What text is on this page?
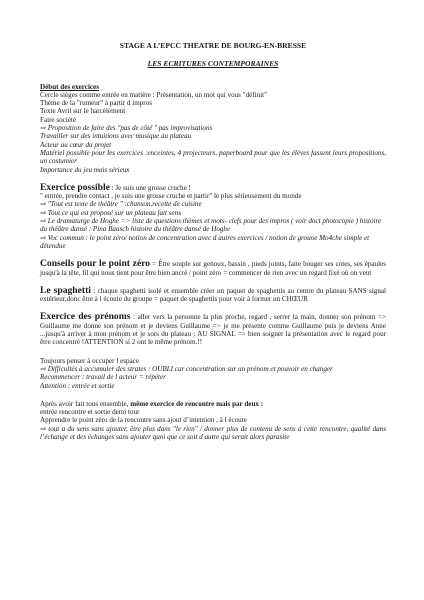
STAGE A L’EPCC THEATRE DE BOURG-EN-BRESSE

LES ECRITURES CONTEMPORAINES

Début des exercices

Cercle sièges comme entrée en matière : Présentation, un mot qui vous "définit"

Thème de la "rumeur" à partir d impros

Texte Avril sur le harcèlement

Faire société

⇨ Proposition de faire des "pas de côté " pas improvisations

Travailler sur des intuitions avec musique au plateau

Acteur au cœur du projet

Matériel possible pour les exercices :enceintes, 4 projecteurs, paperboard pour que les élèves fassent leurs propositions, un costumier

Importance du jeu mais sérieux

Exercice possible : Je suis une grosse cruche !

" entrée, prendre contact , je suis une grosse cruche et partir" le plus sérieusement du monde

⇨ "Tout est texte de théâtre " :chanson,recette de cuisine

⇨ Tout ce qui est proposé sur un plateau fait sens

⇨ Le dramaturge de Hoghe => liste de questions thèmes et mots- clefs pour des impros ( voir doct photocopie ) histoire du théâtre dansé : Pina Bausch histoire du théâtre dansé de Hoghe

⇨ Voc commun : le point zéro/ notion de concentration avec d autres exercices / notion de grouoe Mo4che simple et détendue

Conseils pour le point zéro = Être souple sur genoux, bassin , pieds joints, faite bouger ses cotes, ses épaules jusqu'à la tête, fil qui nous tient pour être bien ancré / point zéro = commencer de rien avec un regard fixé où on veut

Le spaghetti : chaque spaghetti isolé et ensemble créer un paquet de spaghettis au centre du plateau SANS signal extérieur,donc être à l écoute du groupe = paquet de spaghettis pour voir à former un CHŒUR

Exercice des prénoms : aller vers la personne la plus proche, regard , serrer la main, donner son prénom => Guillaume me donne son prénom et je deviens Guillaume => je me présente comme Guillaume puis je deviens Anne ...jusqu'à arriver à mon prénom et je sors du plateau : AU SIGNAL => bien soigner la présentation avec le regard pour être concentré !ATTENTION si 2 ont le même prénom.!!

Toujours penser à occuper l espace

⇨ Difficultés à accumuler des strates : OUBLI car concentration sur un prénom et pouvoir en changer

Recommencer : travail de l acteur = répéter

Attention : entrée et sortie

Après avoir fait tous ensemble, même exercice de rencontre mais par deux :

entrée rencontre et sortie demi tour

Apprendre le point zéro de la rencontre sans ajout d’intention , à l écoute

⇨ tout a du sens sans ajouter, être plus dans "le rien" / donner plus de contenu de sens à cette rencontre, qualité dans l’échange et des échanges sans ajouter quoi que ce soit d autre qui serait alors parasite
